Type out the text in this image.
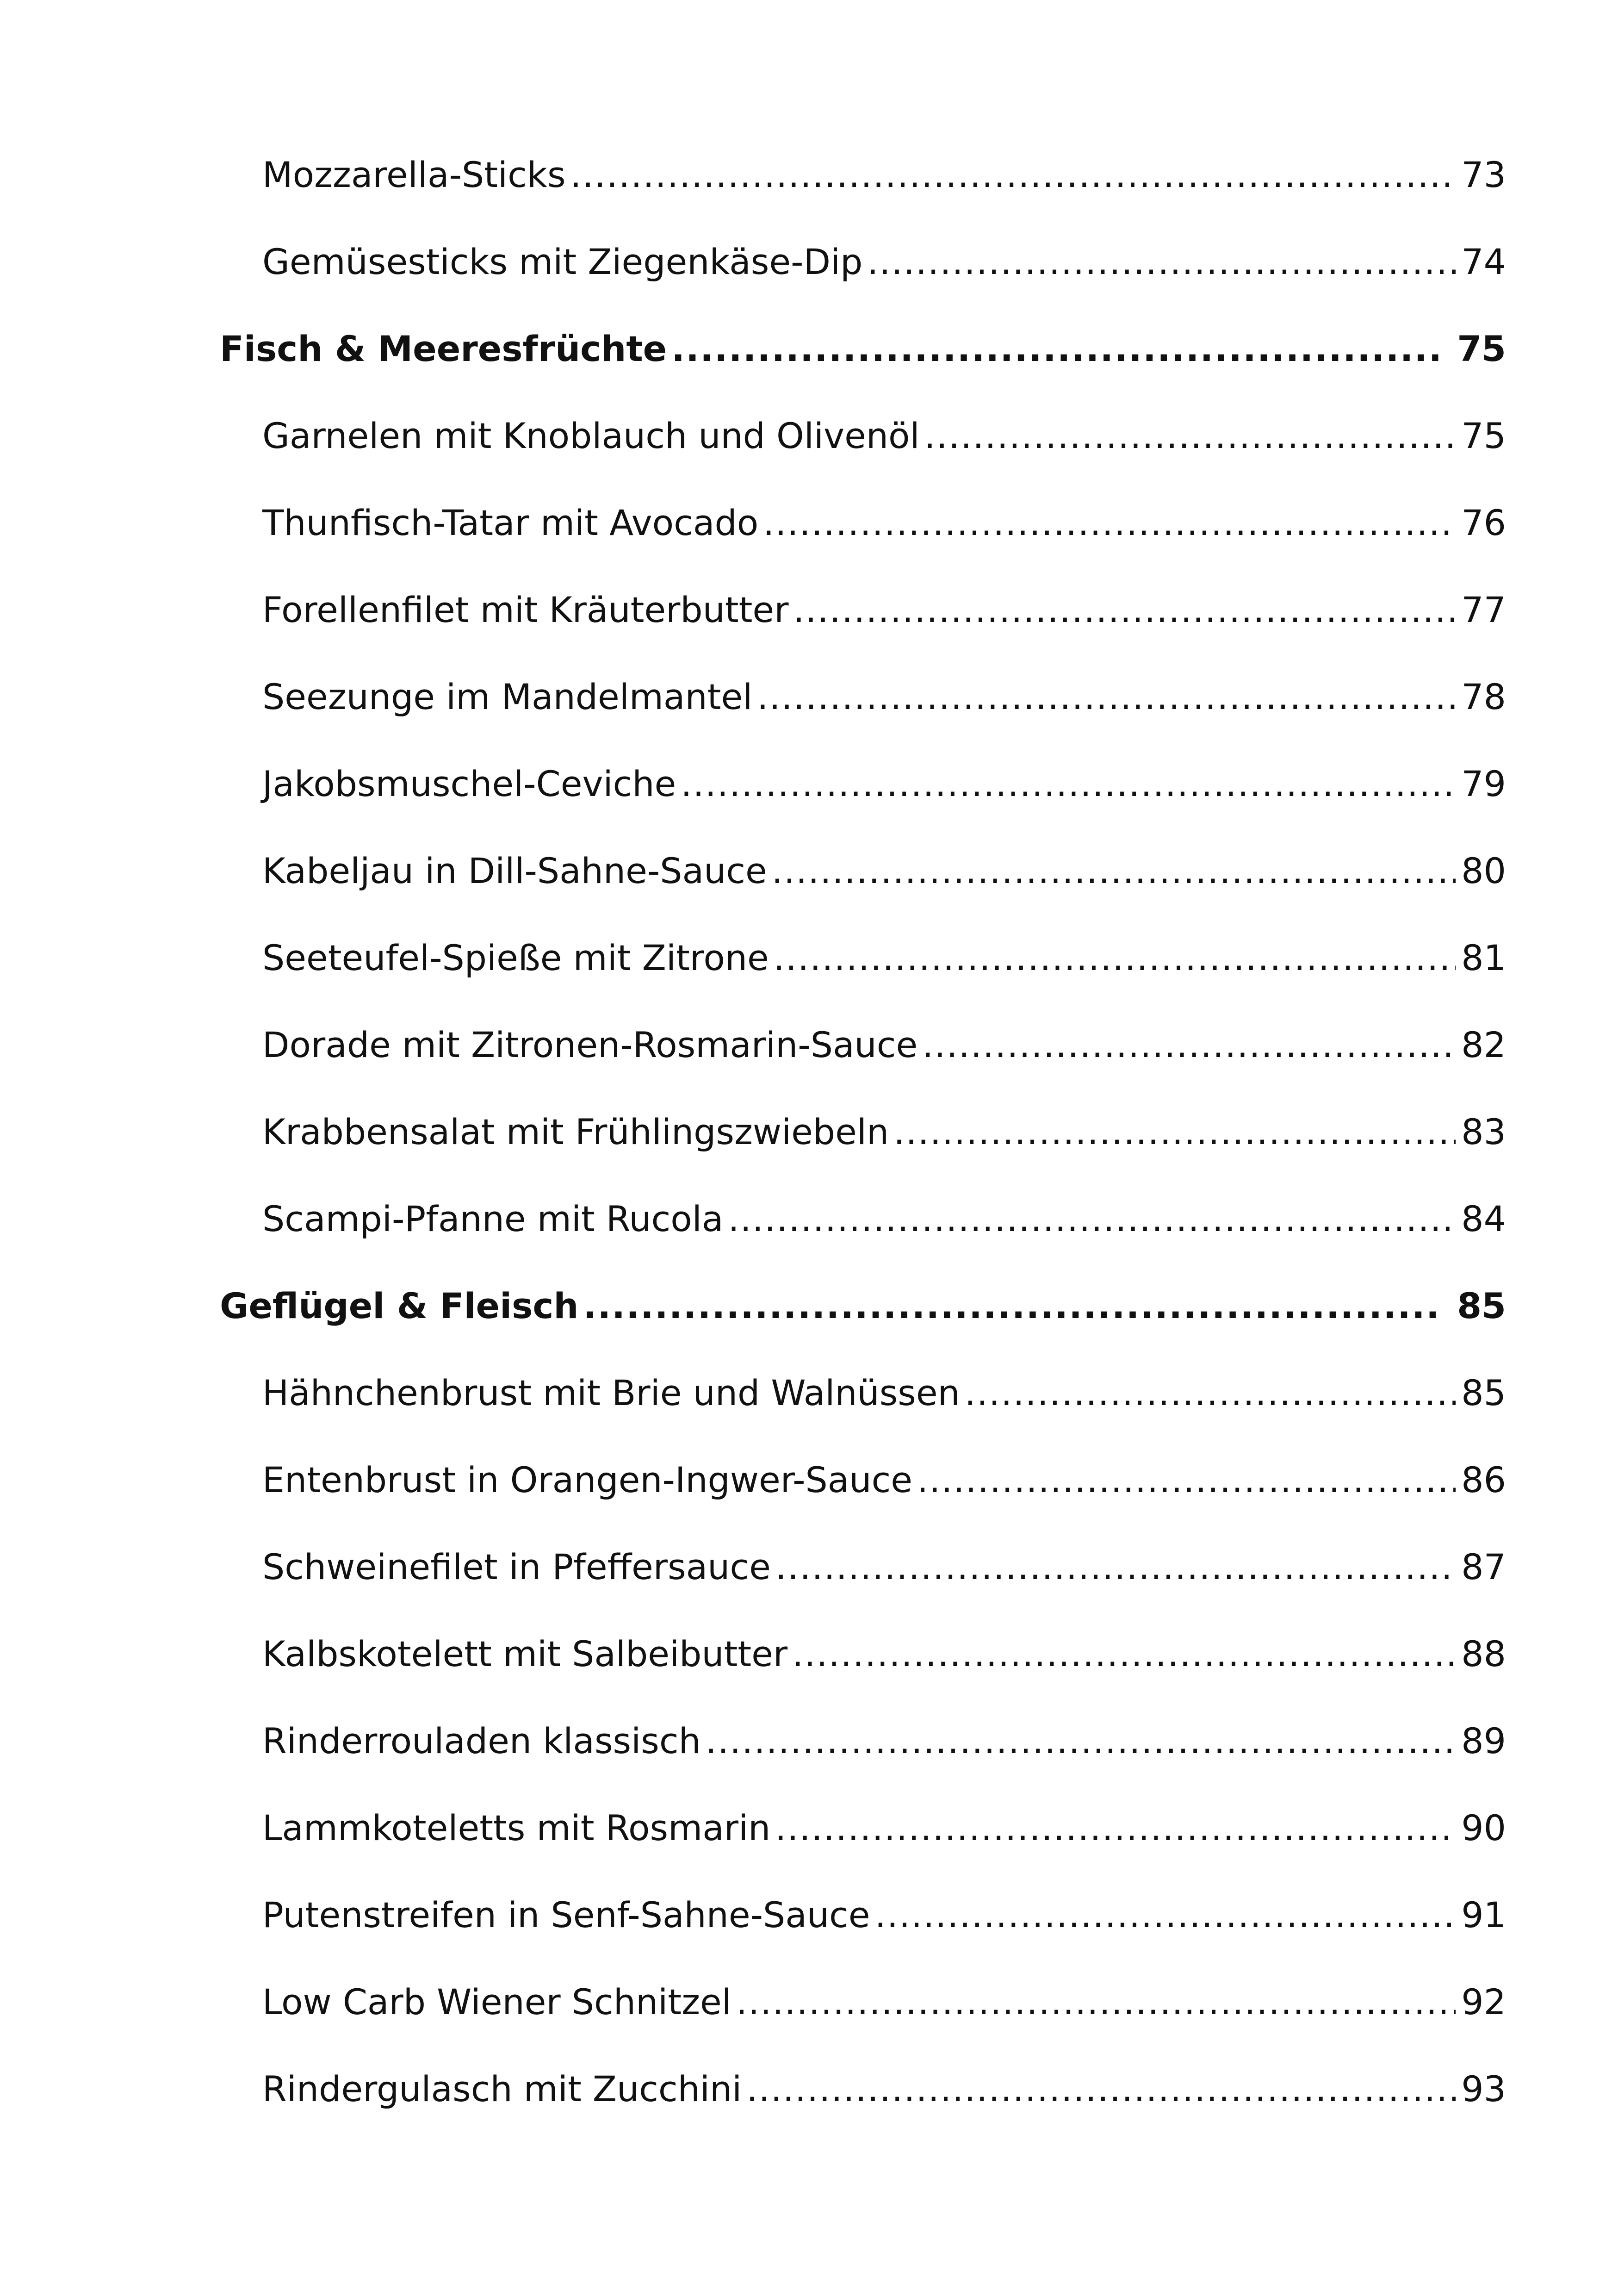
Mozzarella-Sticks .....	73
Gemüsesticks mit Ziegenkäse-Dip .....	74
Fisch & Meeresfrüchte .....	75
Garnelen mit Knoblauch und Olivenöl .....	75
Thunfisch-Tatar mit Avocado .....	76
Forellenfilet mit Kräuterbutter .....	77
Seezunge im Mandelmantel .....	78
Jakobsmuschel-Ceviche .....	79
Kabeljau in Dill-Sahne-Sauce .....	80
Seeteufel-Spieße mit Zitrone .....	81
Dorade mit Zitronen-Rosmarin-Sauce .....	82
Krabbensalat mit Frühlingszwiebeln .....	83
Scampi-Pfanne mit Rucola .....	84
Geflügel & Fleisch .....	85
Hähnchenbrust mit Brie und Walnüssen .....	85
Entenbrust in Orangen-Ingwer-Sauce .....	86
Schweinefilet in Pfeffersauce .....	87
Kalbskotelett mit Salbeibutter .....	88
Rinderrouladen klassisch .....	89
Lammkoteletts mit Rosmarin .....	90
Putenstreifen in Senf-Sahne-Sauce .....	91
Low Carb Wiener Schnitzel .....	92
Rindergulasch mit Zucchini .....	93
